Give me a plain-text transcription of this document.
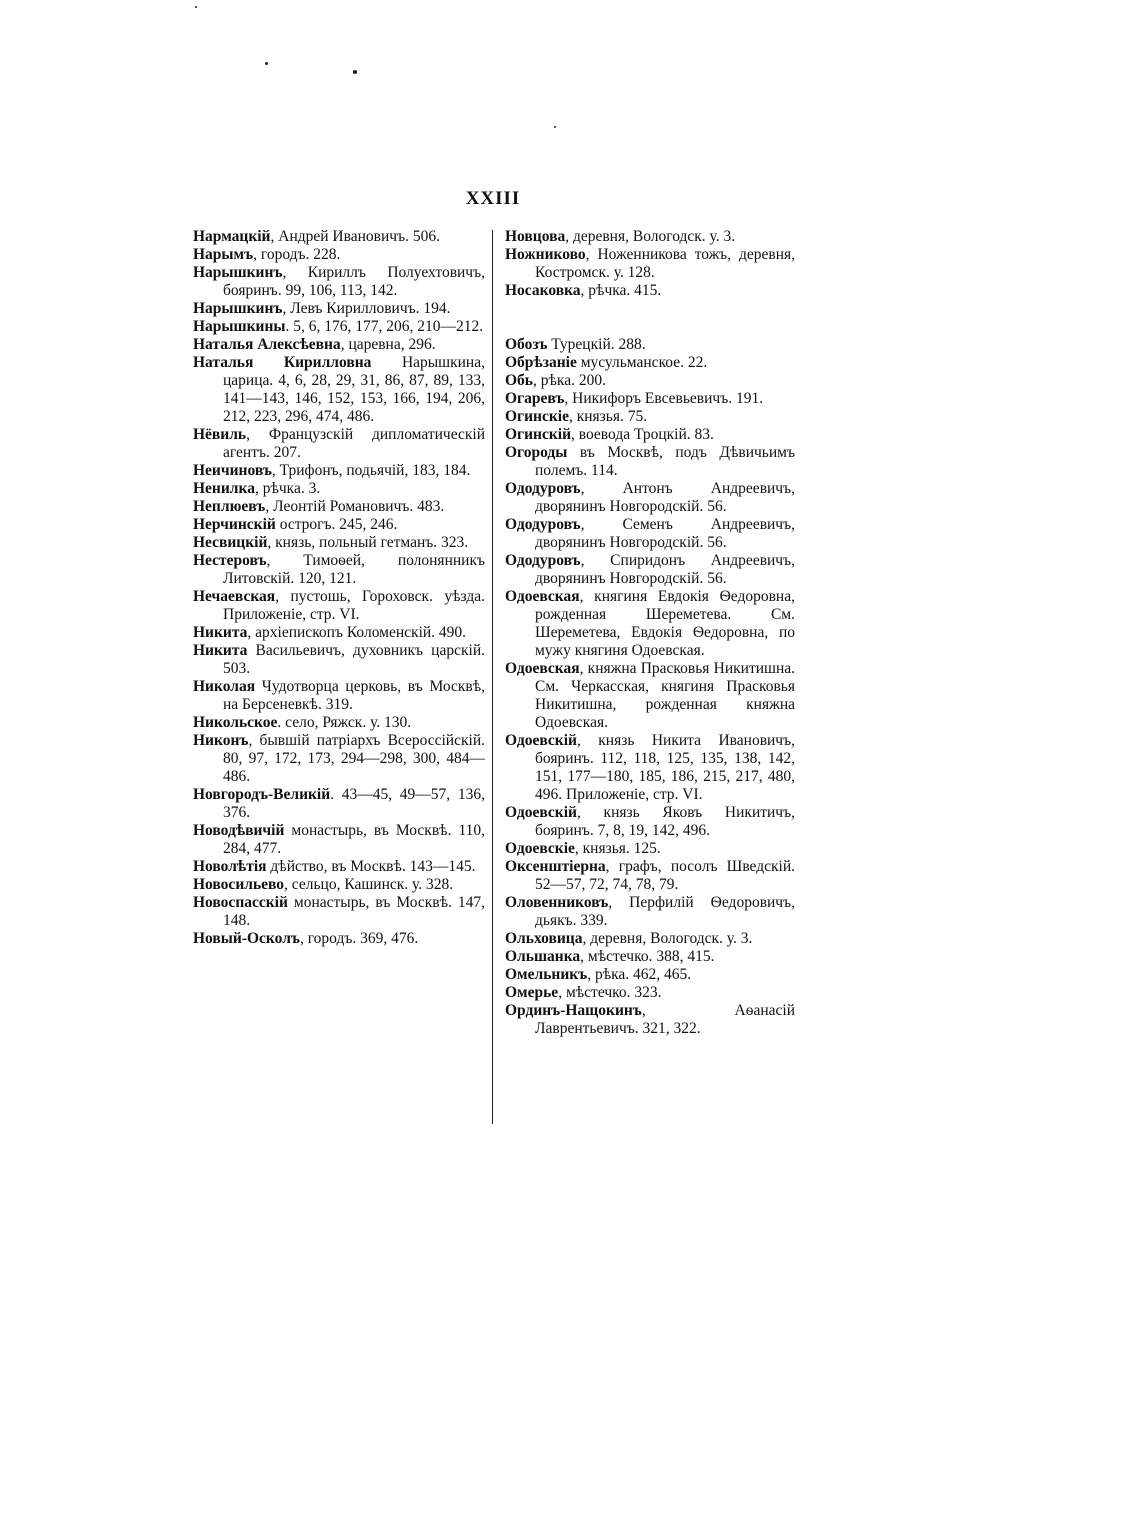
XXIII
Нармацкій, Андрей Ивановичъ. 506.
Нарымъ, городъ. 228.
Нарышкинъ, Кириллъ Полуехтовичъ, бояринъ. 99, 106, 113, 142.
Нарышкинъ, Левъ Кирилловичъ. 194.
Нарышкины. 5, 6, 176, 177, 206, 210—212.
Наталья Алексѣевна, царевна, 296.
Наталья Кирилловна Нарышкина, царица. 4, 6, 28, 29, 31, 86, 87, 89, 133, 141—143, 146, 152, 153, 166, 194, 206, 212, 223, 296, 474, 486.
Нёвиль, Французскій дипломатическій агентъ. 207.
Неичиновъ, Трифонъ, подьячій, 183, 184.
Ненилка, рѣчка. 3.
Неплюевъ, Леонтій Романовичъ. 483.
Нерчинскій острогъ. 245, 246.
Несвицкій, князь, польный гетманъ. 323.
Нестеровъ, Тимоѳей, полонянникъ Литовскій. 120, 121.
Нечаевская, пустошь, Гороховск. уѣзда. Приложеніе, стр. VI.
Никита, архіепископъ Коломенскій. 490.
Никита Васильевичъ, духовникъ царскій. 503.
Николая Чудотворца церковь, въ Москвѣ, на Берсеневкѣ. 319.
Никольское. село, Ряжск. у. 130.
Никонъ, бывшій патріархъ Всероссійскій. 80, 97, 172, 173, 294—298, 300, 484—486.
Новгородъ-Великій. 43—45, 49—57, 136, 376.
Новодѣвичій монастырь, въ Москвѣ. 110, 284, 477.
Новолѣтія дѣйство, въ Москвѣ. 143—145.
Новосильево, сельцо, Кашинск. у. 328.
Новоспасскій монастырь, въ Москвѣ. 147, 148.
Новый-Осколъ, городъ. 369, 476.
Новцова, деревня, Вологодск. у. 3.
Ножниково, Ноженникова тожъ, деревня, Костромск. у. 128.
Носаковка, рѣчка. 415.
Обозъ Турецкій. 288.
Обрѣзаніе мусульманское. 22.
Обь, рѣка. 200.
Огаревъ, Никифоръ Евсевьевичъ. 191.
Огинскіе, князья. 75.
Огинскій, воевода Троцкій. 83.
Огороды въ Москвѣ, подъ Дѣвичьимъ полемъ. 114.
Ододуровъ, Антонъ Андреевичъ, дворянинъ Новгородскій. 56.
Ододуровъ, Семенъ Андреевичъ, дворянинъ Новгородскій. 56.
Ододуровъ, Спиридонъ Андреевичъ, дворянинъ Новгородскій. 56.
Одоевская, княгиня Евдокія Ѳедоровна, рожденная Шереметева. См. Шереметева, Евдокія Ѳедоровна, по мужу княгиня Одоевская.
Одоевская, княжна Прасковья Никитишна. См. Черкасская, княгиня Прасковья Никитишна, рожденная княжна Одоевская.
Одоевскій, князь Никита Ивановичъ, бояринъ. 112, 118, 125, 135, 138, 142, 151, 177—180, 185, 186, 215, 217, 480, 496. Приложеніе, стр. VI.
Одоевскій, князь Яковъ Никитичъ, бояринъ. 7, 8, 19, 142, 496.
Одоевскіе, князья. 125.
Оксенштіерна, графъ, посолъ Шведскій. 52—57, 72, 74, 78, 79.
Оловенниковъ, Перфилій Ѳедоровичъ, дьякъ. 339.
Ольховица, деревня, Вологодск. у. 3.
Ольшанка, мѣстечко. 388, 415.
Омельникъ, рѣка. 462, 465.
Омерье, мѣстечко. 323.
Ординъ-Нащокинъ, Аѳанасій Лаврентьевичъ. 321, 322.
